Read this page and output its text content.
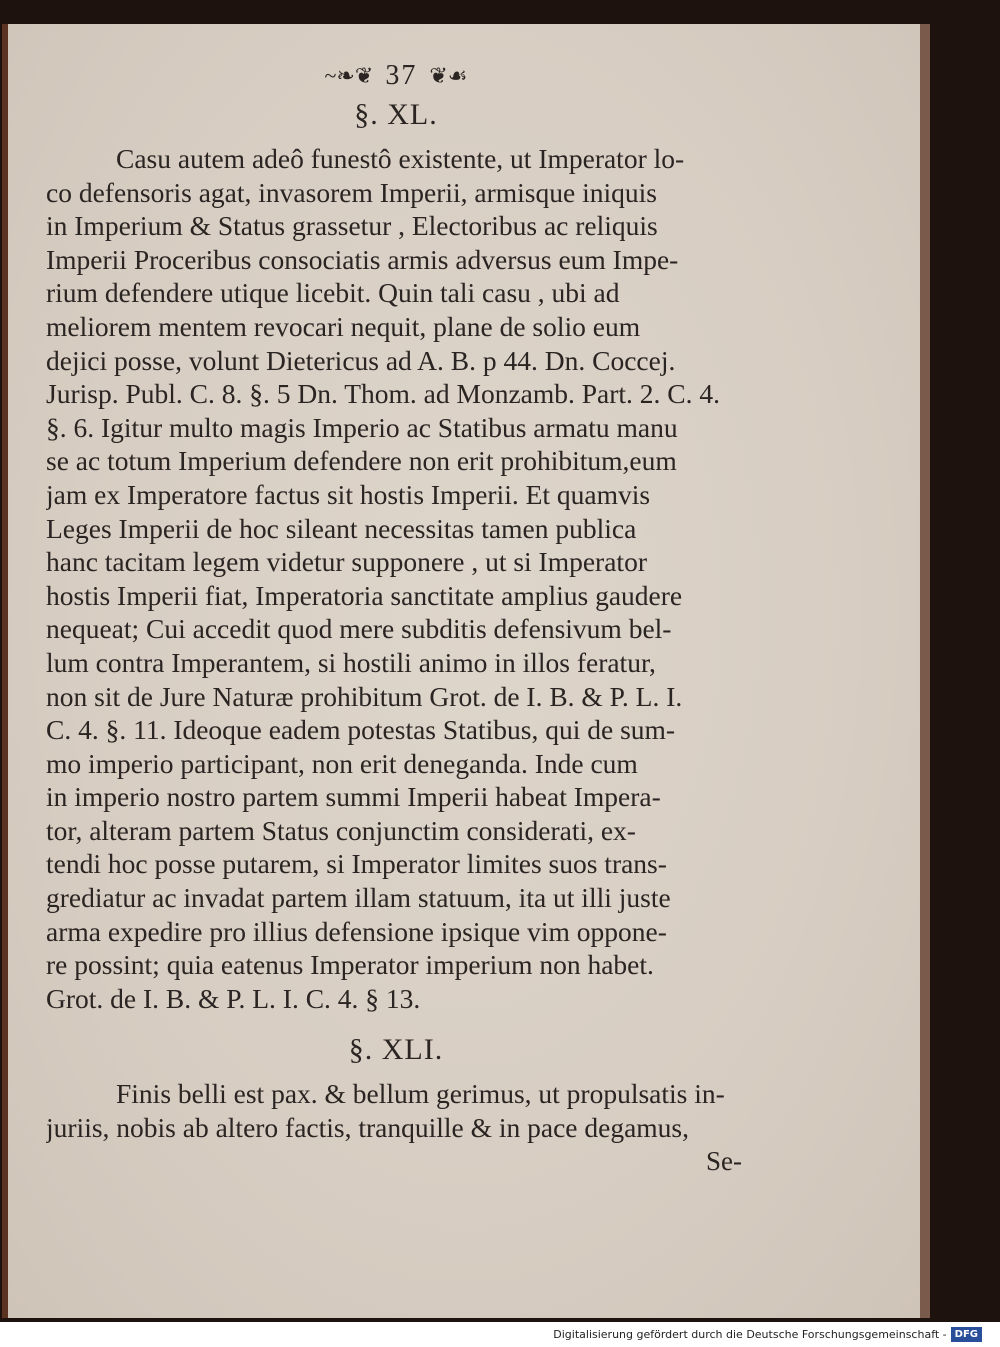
~❧❦ 37 ❦☙
§. XL.
Casu autem adeô funestô existente, ut Imperator lo-
co defensoris agat, invasorem Imperii, armisque iniquis
in Imperium & Status grassetur , Electoribus ac reliquis
Imperii Proceribus consociatis armis adversus eum Impe-
rium defendere utique licebit. Quin tali casu , ubi ad
meliorem mentem revocari nequit, plane de solio eum
dejici posse, volunt Dietericus ad A. B. p 44. Dn. Coccej.
Jurisp. Publ. C. 8. §. 5 Dn. Thom. ad Monzamb. Part. 2. C. 4.
§. 6. Igitur multo magis Imperio ac Statibus armatu manu
se ac totum Imperium defendere non erit prohibitum,eum
jam ex Imperatore factus sit hostis Imperii. Et quamvis
Leges Imperii de hoc sileant necessitas tamen publica
hanc tacitam legem videtur supponere , ut si Imperator
hostis Imperii fiat, Imperatoria sanctitate amplius gaudere
nequeat; Cui accedit quod mere subditis defensivum bel-
lum contra Imperantem, si hostili animo in illos feratur,
non sit de Jure Naturæ prohibitum Grot. de I. B. & P. L. I.
C. 4. §. 11. Ideoque eadem potestas Statibus, qui de sum-
mo imperio participant, non erit deneganda. Inde cum
in imperio nostro partem summi Imperii habeat Impera-
tor, alteram partem Status conjunctim considerati, ex-
tendi hoc posse putarem, si Imperator limites suos trans-
grediatur ac invadat partem illam statuum, ita ut illi juste
arma expedire pro illius defensione ipsique vim oppone-
re possint; quia eatenus Imperator imperium non habet.
Grot. de I. B. & P. L. I. C. 4. § 13.
§. XLI.
Finis belli est pax. & bellum gerimus, ut propulsatis in-
juriis, nobis ab altero factis, tranquille & in pace degamus,
Se-
Digitalisierung gefördert durch die Deutsche Forschungsgemeinschaft - DFG
